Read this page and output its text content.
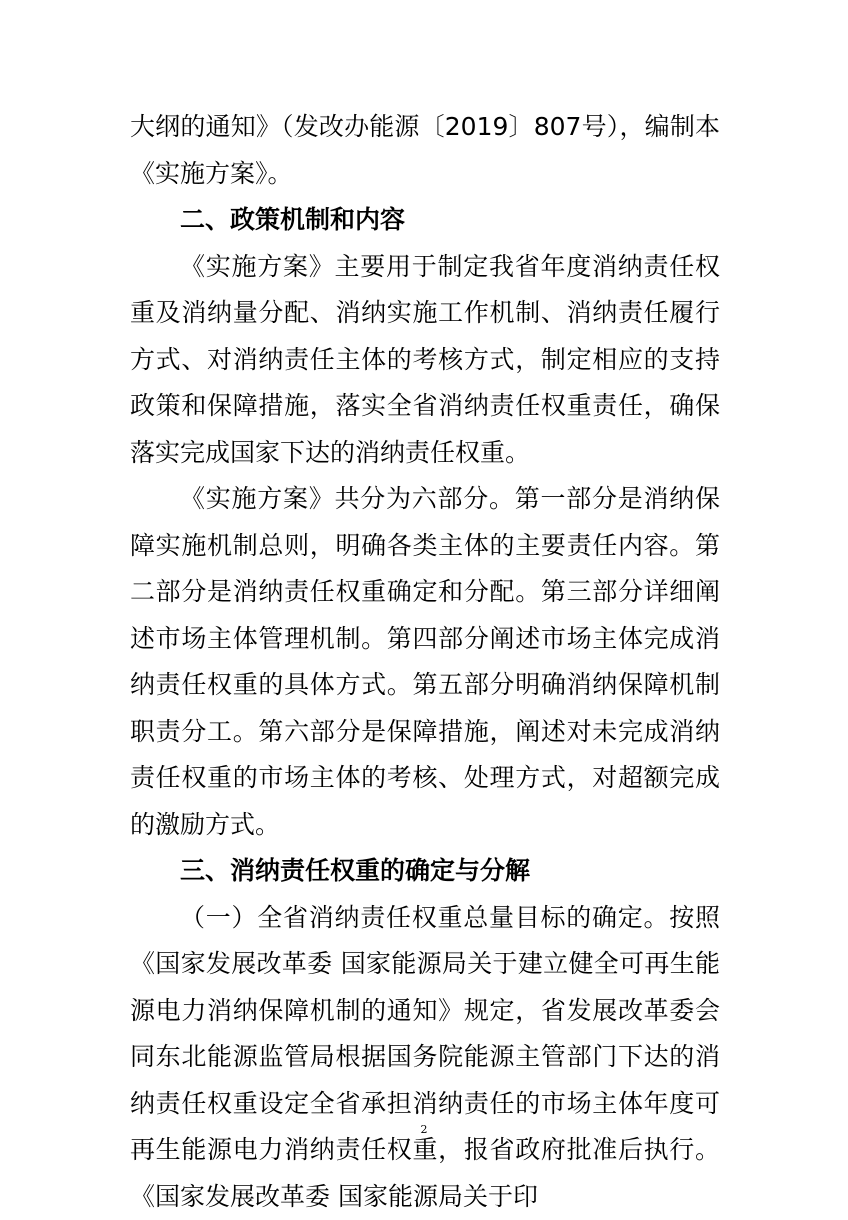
大纲的通知》（发改办能源〔2019〕807号），编制本《实施方案》。

二、政策机制和内容

《实施方案》主要用于制定我省年度消纳责任权重及消纳量分配、消纳实施工作机制、消纳责任履行方式、对消纳责任主体的考核方式，制定相应的支持政策和保障措施，落实全省消纳责任权重责任，确保落实完成国家下达的消纳责任权重。

《实施方案》共分为六部分。第一部分是消纳保障实施机制总则，明确各类主体的主要责任内容。第二部分是消纳责任权重确定和分配。第三部分详细阐述市场主体管理机制。第四部分阐述市场主体完成消纳责任权重的具体方式。第五部分明确消纳保障机制职责分工。第六部分是保障措施，阐述对未完成消纳责任权重的市场主体的考核、处理方式，对超额完成的激励方式。

三、消纳责任权重的确定与分解

（一）全省消纳责任权重总量目标的确定。按照《国家发展改革委 国家能源局关于建立健全可再生能源电力消纳保障机制的通知》规定，省发展改革委会同东北能源监管局根据国务院能源主管部门下达的消纳责任权重设定全省承担消纳责任的市场主体年度可再生能源电力消纳责任权重，报省政府批准后执行。《国家发展改革委 国家能源局关于印

2
